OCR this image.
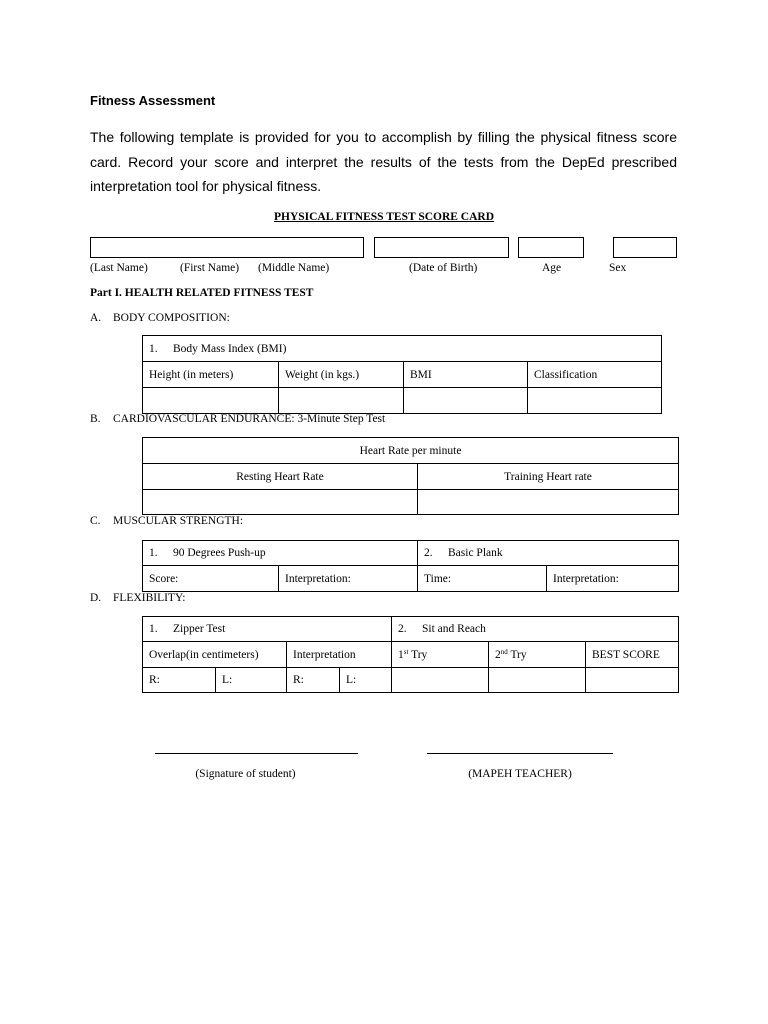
Fitness Assessment
The following template is provided for you to accomplish by filling the physical fitness score card. Record your score and interpret the results of the tests from the DepEd prescribed interpretation tool for physical fitness.
PHYSICAL FITNESS TEST SCORE CARD
(Last Name)	(First Name) (Middle Name)	(Date of Birth)	Age	Sex
Part I. HEALTH RELATED FITNESS TEST
A. BODY COMPOSITION:
1. Body Mass Index (BMI)			
Height (in meters)	Weight (in kgs.)	BMI	Classification

B. CARDIOVASCULAR ENDURANCE: 3-Minute Step Test
Heart Rate per minute	
Resting Heart Rate	Training Heart rate

C. MUSCULAR STRENGTH:
1. 90 Degrees Push-up		2. Basic Plank	
Score:	Interpretation:	Time:	Interpretation:
D. FLEXIBILITY:
1. Zipper Test				2. Sit and Reach		
Overlap(in centimeters)		Interpretation		1st Try	2nd Try	BEST SCORE
R:	L:	R:	L:			
(Signature of student)	(MAPEH TEACHER)
